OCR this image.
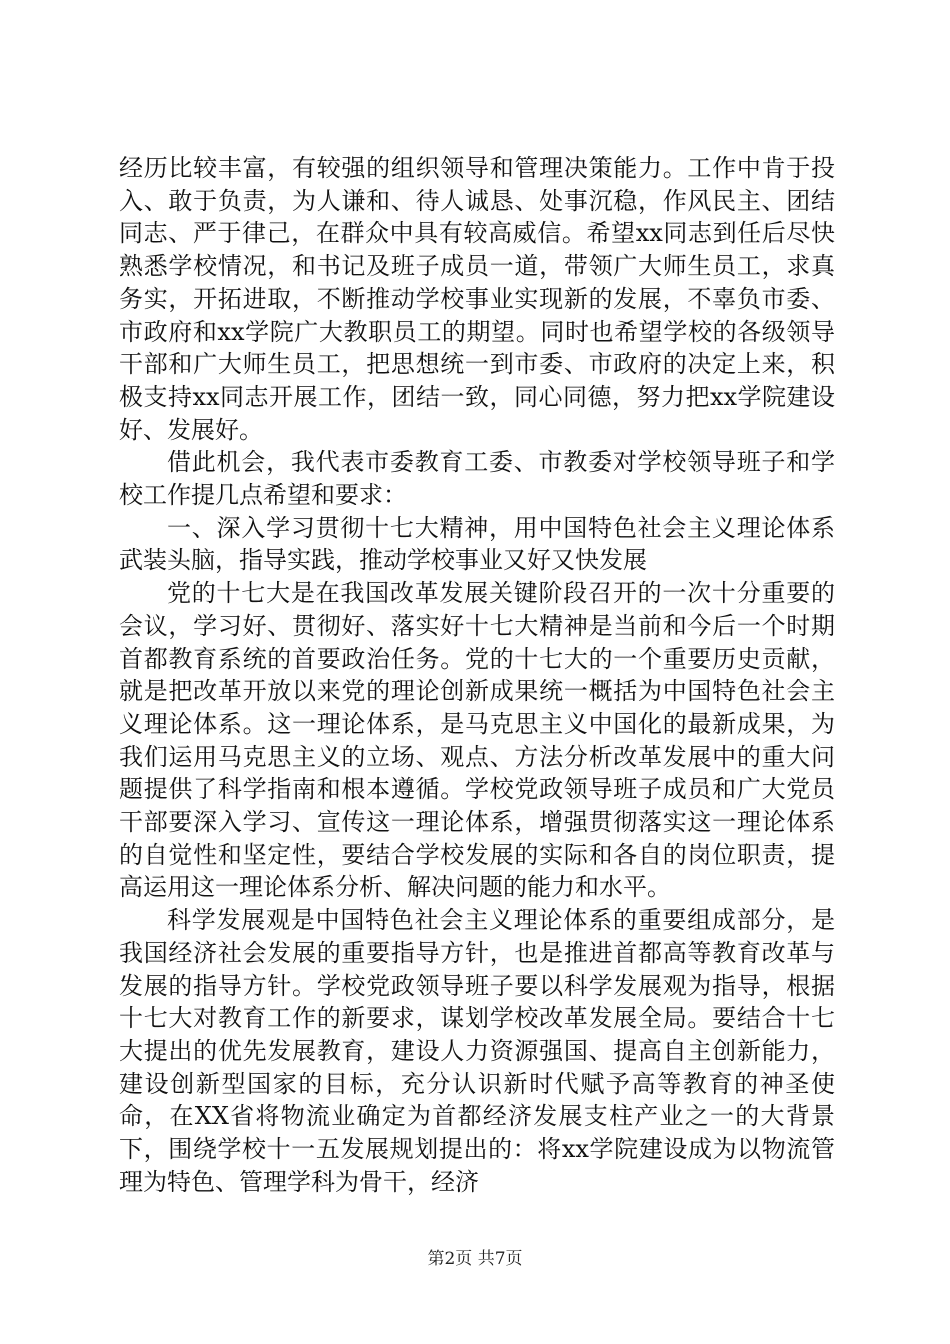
经历比较丰富，有较强的组织领导和管理决策能力。工作中肯于投入、敢于负责，为人谦和、待人诚恳、处事沉稳，作风民主、团结同志、严于律己，在群众中具有较高威信。希望xx同志到任后尽快熟悉学校情况，和书记及班子成员一道，带领广大师生员工，求真务实，开拓进取，不断推动学校事业实现新的发展，不辜负市委、市政府和xx学院广大教职员工的期望。同时也希望学校的各级领导干部和广大师生员工，把思想统一到市委、市政府的决定上来，积极支持xx同志开展工作，团结一致，同心同德，努力把xx学院建设好、发展好。

借此机会，我代表市委教育工委、市教委对学校领导班子和学校工作提几点希望和要求：

一、深入学习贯彻十七大精神，用中国特色社会主义理论体系武装头脑，指导实践，推动学校事业又好又快发展

党的十七大是在我国改革发展关键阶段召开的一次十分重要的会议，学习好、贯彻好、落实好十七大精神是当前和今后一个时期首都教育系统的首要政治任务。党的十七大的一个重要历史贡献，就是把改革开放以来党的理论创新成果统一概括为中国特色社会主义理论体系。这一理论体系，是马克思主义中国化的最新成果，为我们运用马克思主义的立场、观点、方法分析改革发展中的重大问题提供了科学指南和根本遵循。学校党政领导班子成员和广大党员干部要深入学习、宣传这一理论体系，增强贯彻落实这一理论体系的自觉性和坚定性，要结合学校发展的实际和各自的岗位职责，提高运用这一理论体系分析、解决问题的能力和水平。

科学发展观是中国特色社会主义理论体系的重要组成部分，是我国经济社会发展的重要指导方针，也是推进首都高等教育改革与发展的指导方针。学校党政领导班子要以科学发展观为指导，根据十七大对教育工作的新要求，谋划学校改革发展全局。要结合十七大提出的优先发展教育，建设人力资源强国、提高自主创新能力，建设创新型国家的目标，充分认识新时代赋予高等教育的神圣使命，在XX省将物流业确定为首都经济发展支柱产业之一的大背景下，围绕学校十一五发展规划提出的：将xx学院建设成为以物流管理为特色、管理学科为骨干，经济

第2页 共7页
